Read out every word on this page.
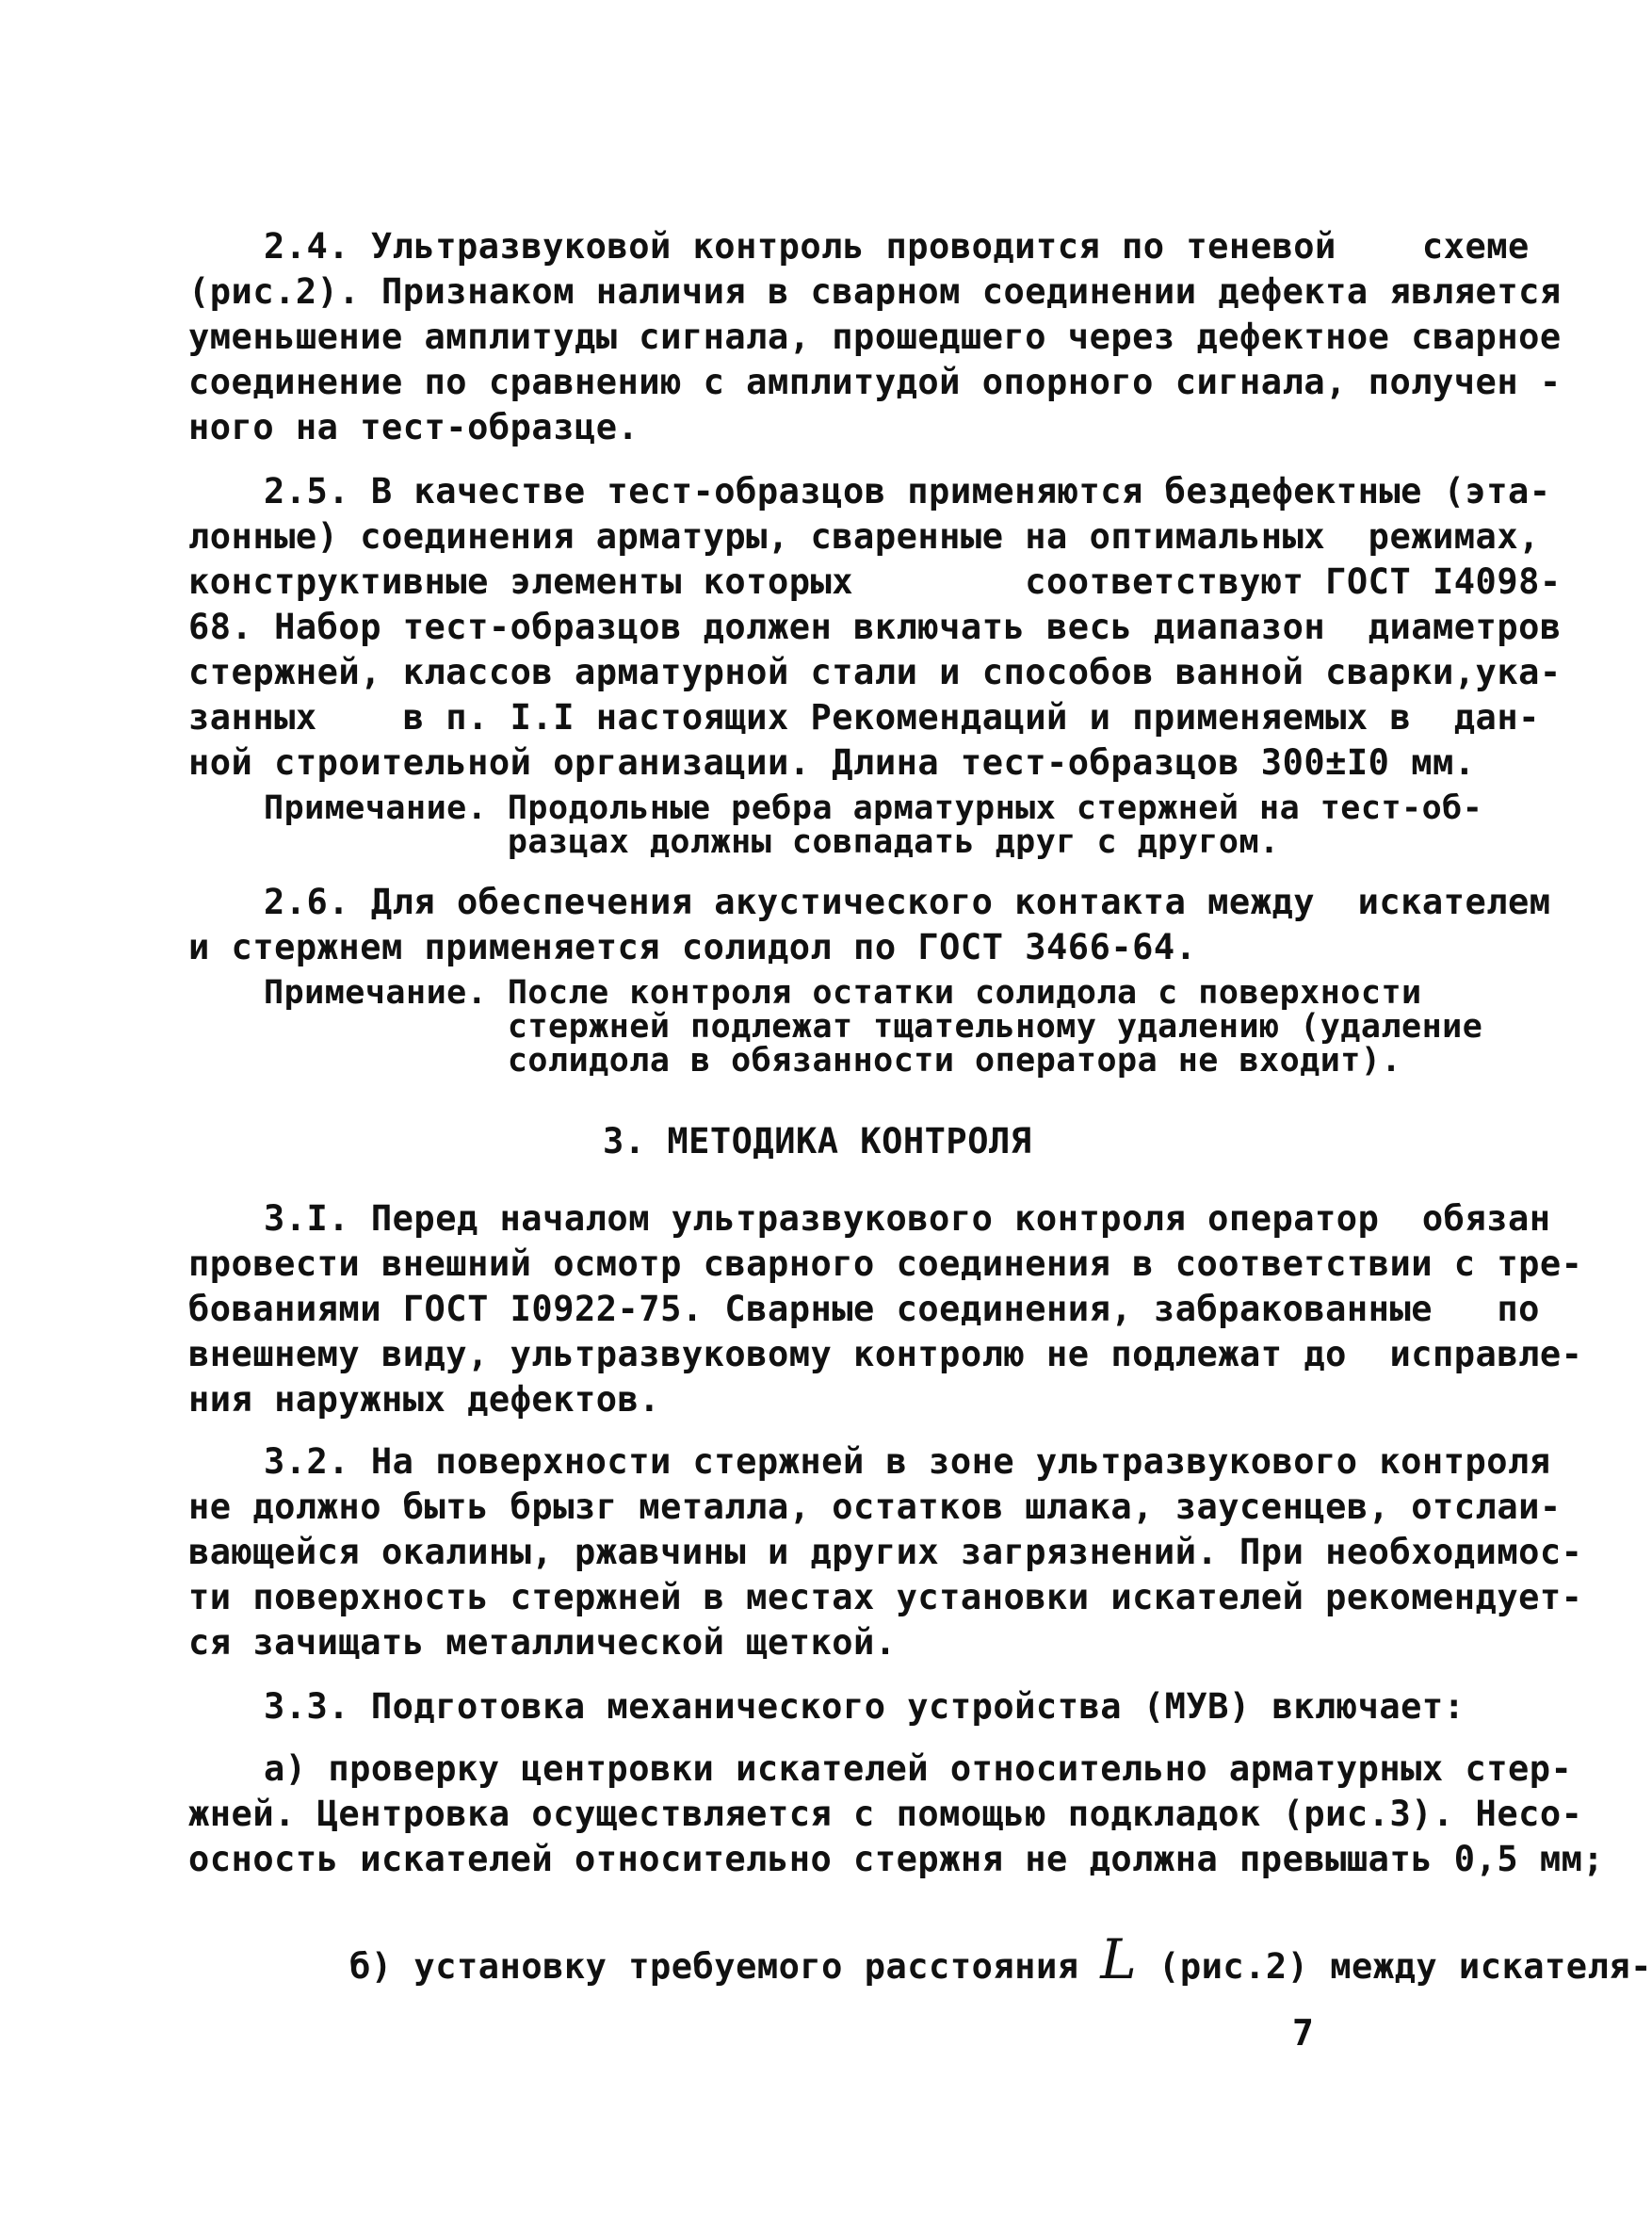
2.4. Ультразвуковой контроль проводится по теневой    схеме
(рис.2). Признаком наличия в сварном соединении дефекта является
уменьшение амплитуды сигнала, прошедшего через дефектное сварное
соединение по сравнению с амплитудой опорного сигнала, получен -
ного на тест-образце.
2.5. В качестве тест-образцов применяются бездефектные (эта-
лонные) соединения арматуры, сваренные на оптимальных  режимах,
конструктивные элементы которых        соответствуют ГОСТ I4098-
68. Набор тест-образцов должен включать весь диапазон  диаметров
стержней, классов арматурной стали и способов ванной сварки,ука-
занных    в п. I.I настоящих Рекомендаций и применяемых в  дан-
ной строительной организации. Длина тест-образцов 300±I0 мм.
Примечание. Продольные ребра арматурных стержней на тест-об-
разцах должны совпадать друг с другом.
2.6. Для обеспечения акустического контакта между  искателем
и стержнем применяется солидол по ГОСТ 3466-64.
Примечание. После контроля остатки солидола с поверхности
стержней подлежат тщательному удалению (удаление
солидола в обязанности оператора не входит).
3. МЕТОДИКА КОНТРОЛЯ
3.I. Перед началом ультразвукового контроля оператор  обязан
провести внешний осмотр сварного соединения в соответствии с тре-
бованиями ГОСТ I0922-75. Сварные соединения, забракованные   по
внешнему виду, ультразвуковому контролю не подлежат до  исправле-
ния наружных дефектов.
3.2. На поверхности стержней в зоне ультразвукового контроля
не должно быть брызг металла, остатков шлака, заусенцев, отслаи-
вающейся окалины, ржавчины и других загрязнений. При необходимос-
ти поверхность стержней в местах установки искателей рекомендует-
ся зачищать металлической щеткой.
3.3. Подготовка механического устройства (МУВ) включает:
а) проверку центровки искателей относительно арматурных стер-
жней. Центровка осуществляется с помощью подкладок (рис.3). Несо-
осность искателей относительно стержня не должна превышать 0,5 мм;

б) установку требуемого расстояния L (рис.2) между искателя-

7
